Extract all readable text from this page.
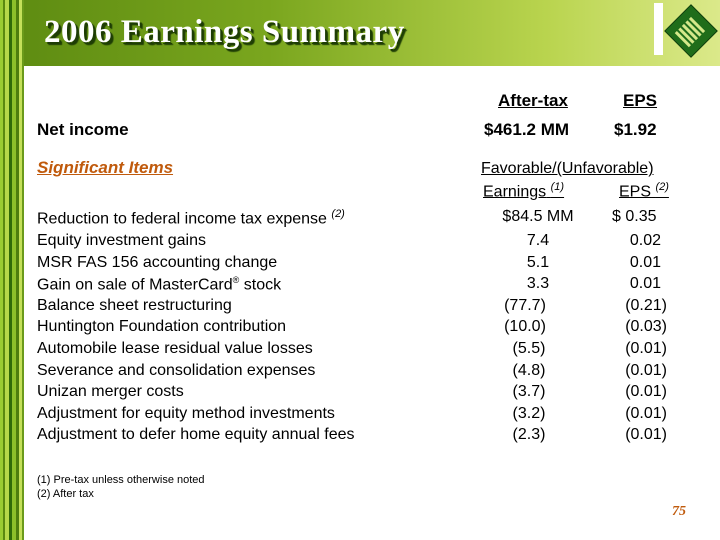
2006 Earnings Summary
After-tax	EPS
Net income	$461.2 MM	$1.92
Significant Items	Favorable/(Unfavorable)
Earnings $^{(1)}$	EPS $^{(2)}$
Reduction to federal income tax expense $^{(2)}$	$84.5 MM	$ 0.35
Equity investment gains	7.4	0.02
MSR FAS 156 accounting change	5.1	0.01
Gain on sale of MasterCard® stock	3.3	0.01
Balance sheet restructuring	(77.7)	(0.21)
Huntington Foundation contribution	(10.0)	(0.03)
Automobile lease residual value losses	(5.5)	(0.01)
Severance and consolidation expenses	(4.8)	(0.01)
Unizan merger costs	(3.7)	(0.01)
Adjustment for equity method investments	(3.2)	(0.01)
Adjustment to defer home equity annual fees	(2.3)	(0.01)
(1) Pre-tax unless otherwise noted
(2) After tax
75
